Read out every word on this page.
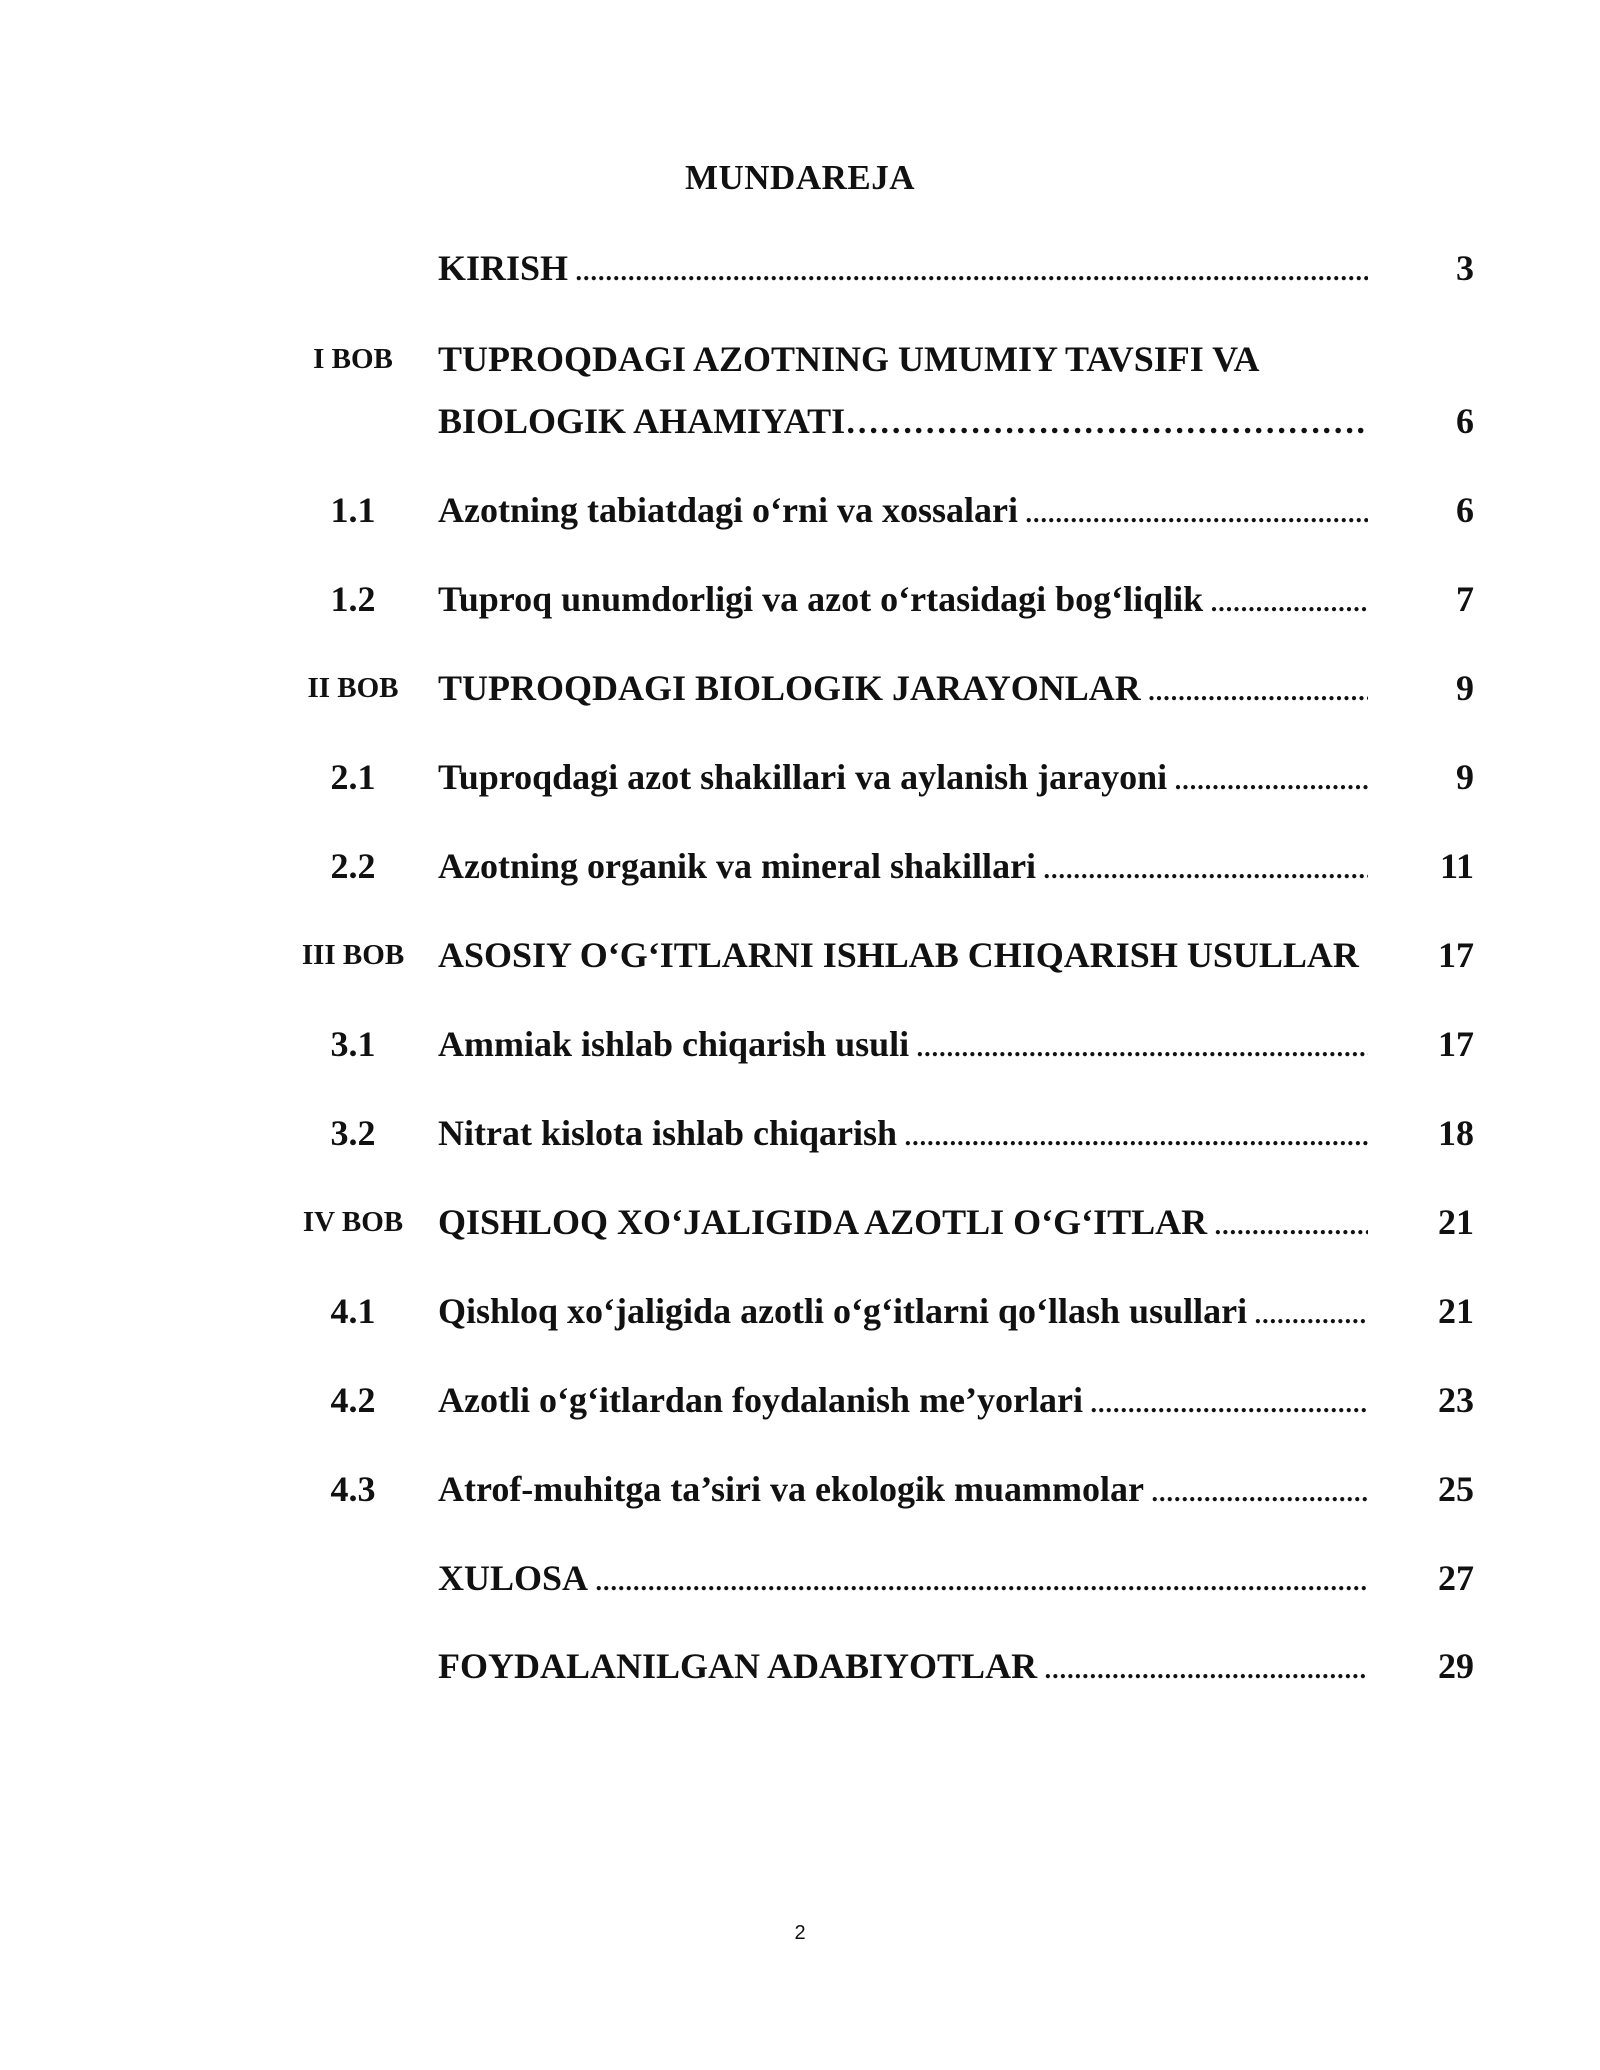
MUNDAREJA
KIRISH .....	3
I BOB	TUPROQDAGI AZOTNING UMUMIY TAVSIFI VA
BIOLOGIK AHAMIYATI …………………………………………………………………	6
1.1	Azotning tabiatdagi o‘rni va xossalari .....	6
1.2	Tuproq unumdorligi va azot o‘rtasidagi bog‘liqlik .....	7
II BOB	TUPROQDAGI BIOLOGIK JARAYONLAR .....	9
2.1	Tuproqdagi azot shakillari va aylanish jarayoni .....	9
2.2	Azotning organik va mineral shakillari .....	11
III BOB ASOSIY O‘G‘ITLARNI ISHLAB CHIQARISH USULLAR	17
3.1	Ammiak ishlab chiqarish usuli .....	17
3.2	Nitrat kislota ishlab chiqarish .....	18
IV BOB QISHLOQ XO‘JALIGIDA AZOTLI O‘G‘ITLAR .....	21
4.1	Qishloq xo‘jaligida azotli o‘g‘itlarni qo‘llash usullari .....	21
4.2	Azotli o‘g‘itlardan foydalanish me’yorlari .....	23
4.3	Atrof-muhitga ta’siri va ekologik muammolar .....	25
XULOSA .....	27
FOYDALANILGAN ADABIYOTLAR .....	29
2
